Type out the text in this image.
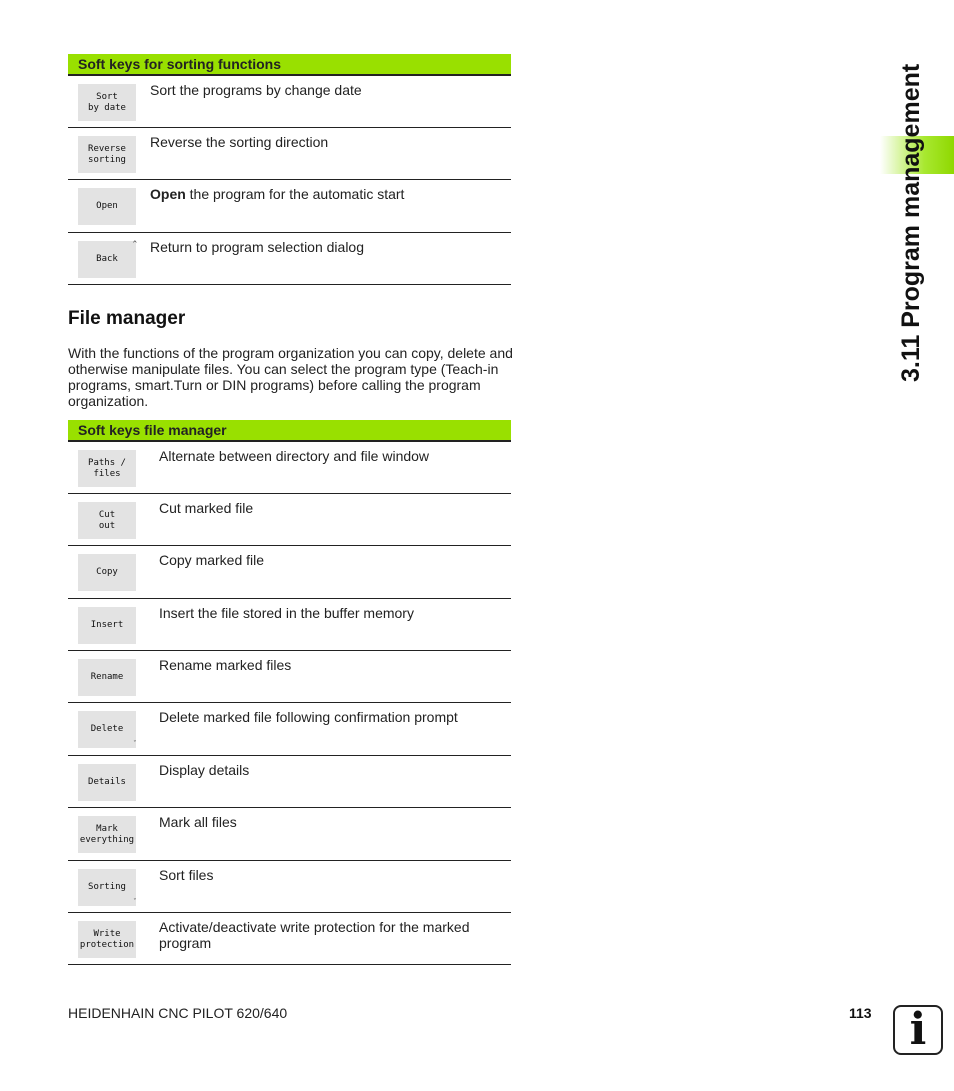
Soft keys for sorting functions
Sort
by date
Sort the programs by change date
Reverse
sorting
Reverse the sorting direction
Open
Open the program for the automatic start
Back
^ Return to program selection dialog
File manager
With the functions of the program organization you can copy, delete and otherwise manipulate files. You can select the program type (Teach-in programs, smart.Turn or DIN programs) before calling the program organization.
Soft keys file manager
Paths /
files
Alternate between directory and file window
Cut
out
Cut marked file
Copy
Copy marked file
Insert
Insert the file stored in the buffer memory
Rename
Rename marked files
Delete
ˇ
Delete marked file following confirmation prompt
Details
Display details
Mark
everything
Mark all files
Sorting
ˇ
Sort files
Write
protection
Activate/deactivate write protection for the marked program
3.11 Program management
HEIDENHAIN CNC PILOT 620/640	113 i
